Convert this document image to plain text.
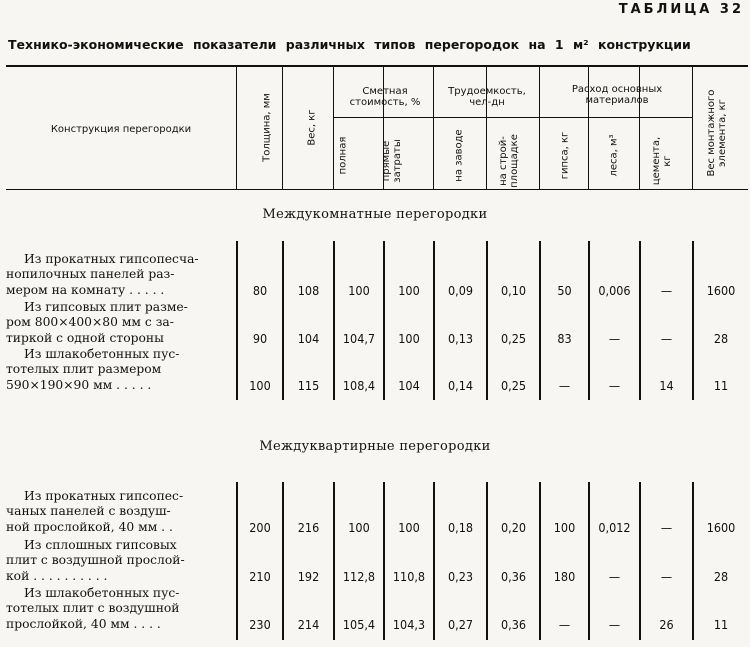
ТАБЛИЦА 32
Технико-экономические показатели различных типов перегородок на 1 м² конструкции
Конструкция перегородки	Толщина, мм	Вес, кг
Сметная стоимость, %
полная	прямые затраты
Трудоемкость, чел-дн
на заводе	на строй-площадке
Расход основных материалов
гипса, кг	леса, м³	цемента, кг	Вес монтажного элемента, кг
Междукомнатные перегородки
Междуквартирные перегородки
Из прокатных гипсопесча-
нопилочных панелей раз-
мером на комнату . . . . .	80	108	100	100	0,09	0,10	50	0,006	—	1600
Из гипсовых плит разме-
ром 800×400×80 мм с за-
тиркой с одной стороны	90	104	104,7	100	0,13	0,25	83	—	—	28
Из шлакобетонных пус-
тотелых плит размером
590×190×90 мм . . . . .	100	115	108,4	104	0,14	0,25	—	—	14	11
Из прокатных гипсопес-
чаных панелей с воздуш-
ной прослойкой, 40 мм . .	200	216	100	100	0,18	0,20	100	0,012	—	1600
Из сплошных гипсовых
плит с воздушной прослой-
кой . . . . . . . . . .	210	192	112,8	110,8	0,23	0,36	180	—	—	28
Из шлакобетонных пус-
тотелых плит с воздушной
прослойкой, 40 мм . . . .	230	214	105,4	104,3	0,27	0,36	—	—	26	11
